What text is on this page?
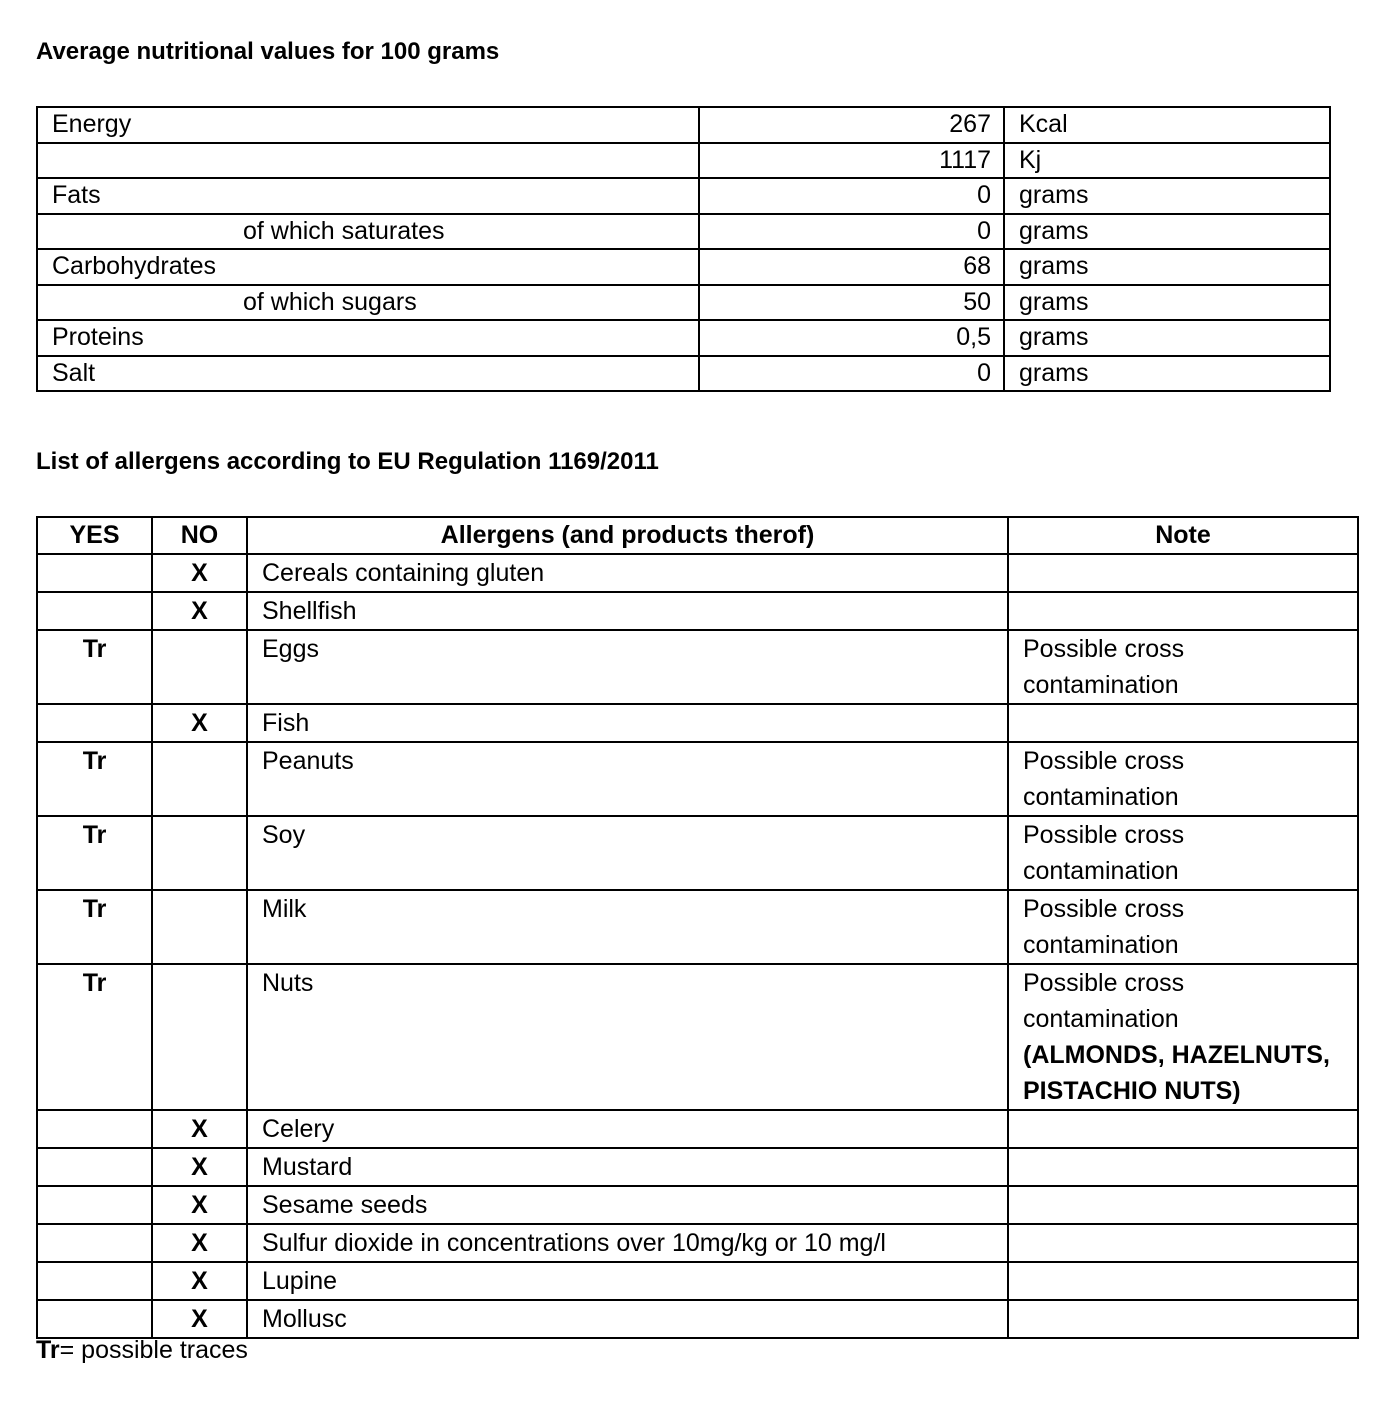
Average nutritional values for 100 grams
Energy	267	Kcal
	1117	Kj
Fats	0	grams
of which saturates	0	grams
Carbohydrates	68	grams
of which sugars	50	grams
Proteins	0,5	grams
Salt	0	grams
List of allergens according to EU Regulation 1169/2011
YES	NO	Allergens (and products therof)	Note
	X	Cereals containing gluten	
	X	Shellfish	
Tr		Eggs	Possible cross
contamination

	X	Fish	
Tr		Peanuts	Possible cross
contamination

Tr		Soy	Possible cross
contamination

Tr		Milk	Possible cross
contamination

Tr		Nuts	Possible cross
contamination
(ALMONDS, HAZELNUTS,
PISTACHIO NUTS)

	X	Celery	
	X	Mustard	
	X	Sesame seeds	
	X	Sulfur dioxide in concentrations over 10mg/kg or 10 mg/l	
	X	Lupine	
	X	Mollusc	
Tr= possible traces
